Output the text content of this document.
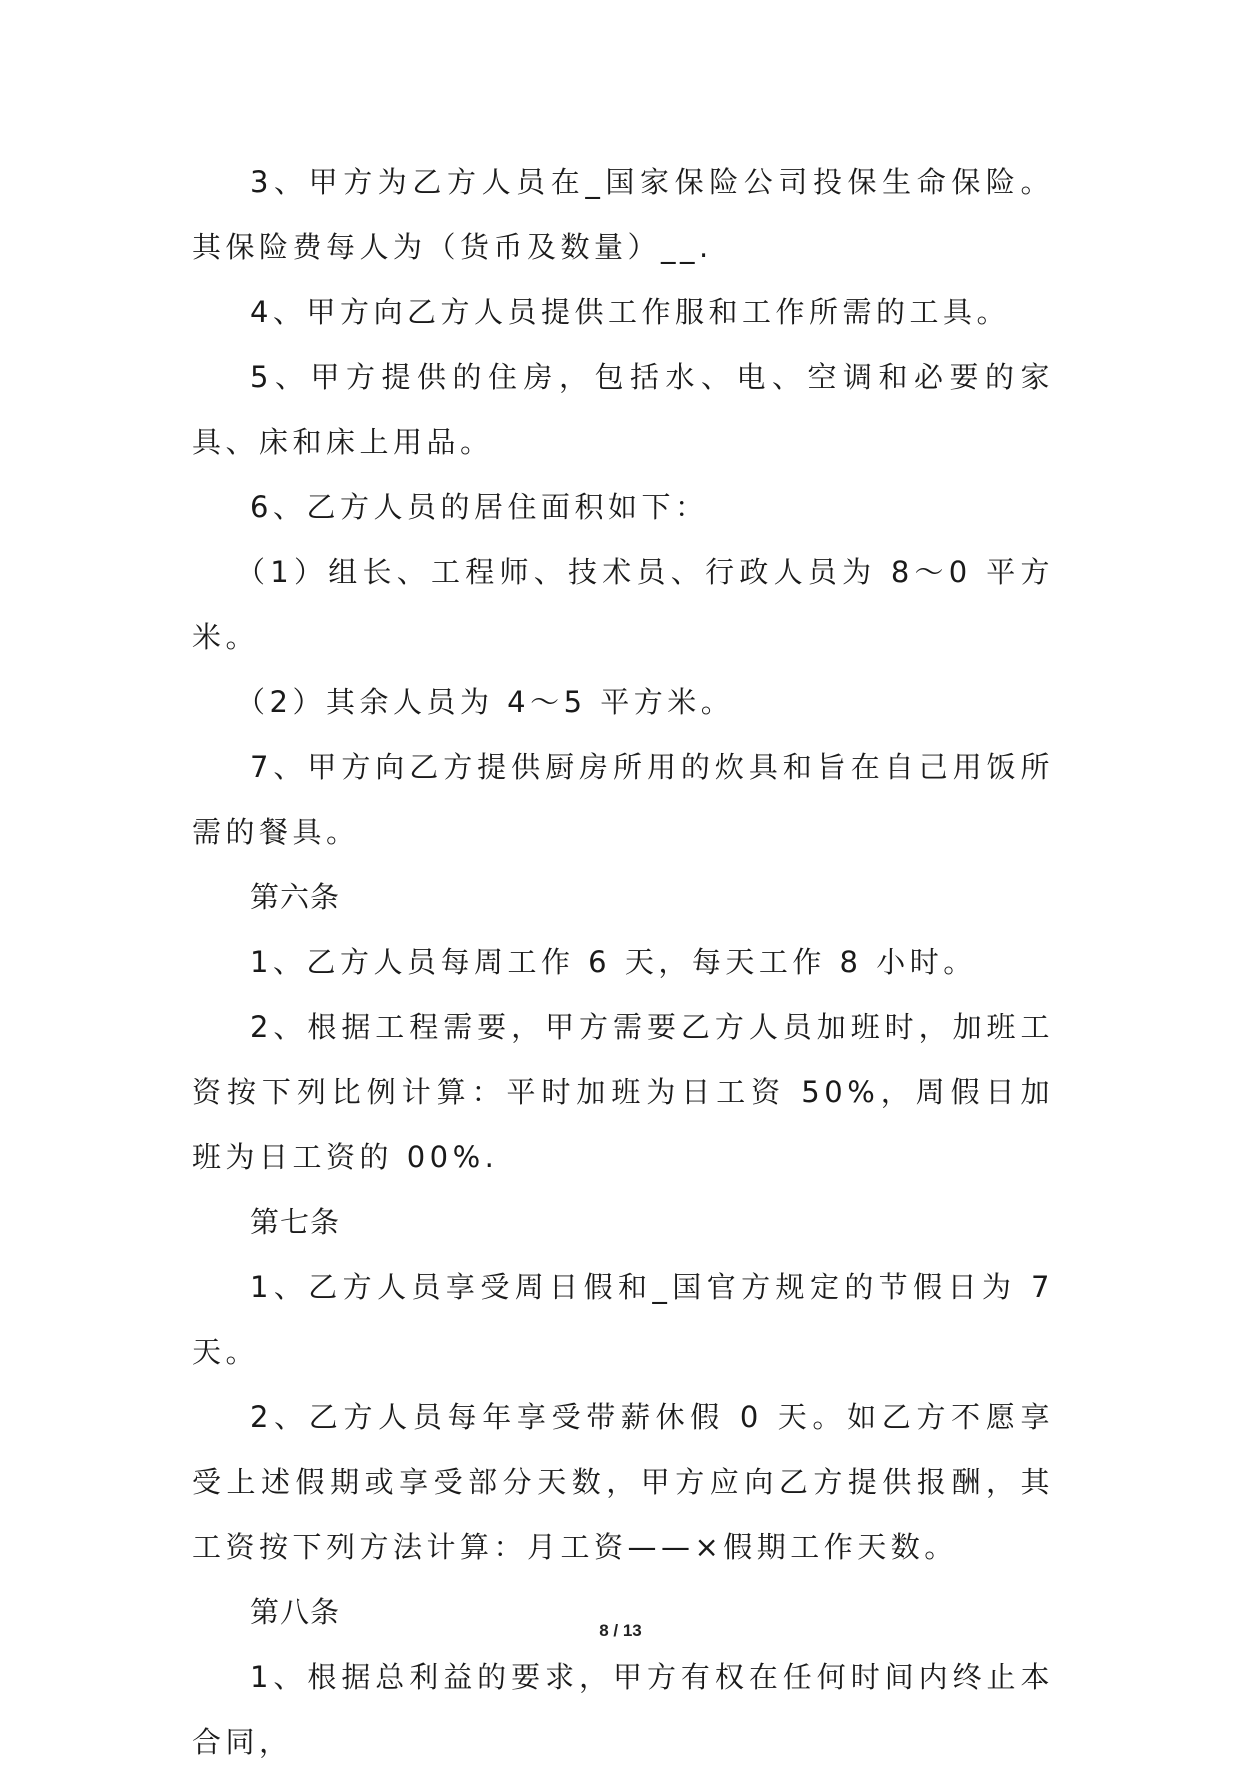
3、甲方为乙方人员在_国家保险公司投保生命保险。其保险费每人为（货币及数量）__.

4、甲方向乙方人员提供工作服和工作所需的工具。

5、甲方提供的住房，包括水、电、空调和必要的家具、床和床上用品。

6、乙方人员的居住面积如下：

（1）组长、工程师、技术员、行政人员为 8～0 平方米。

（2）其余人员为 4～5 平方米。

7、甲方向乙方提供厨房所用的炊具和旨在自己用饭所需的餐具。

第六条

1、乙方人员每周工作 6 天，每天工作 8 小时。

2、根据工程需要，甲方需要乙方人员加班时，加班工资按下列比例计算：平时加班为日工资 50%，周假日加班为日工资的 00%.

第七条

1、乙方人员享受周日假和_国官方规定的节假日为 7 天。

2、乙方人员每年享受带薪休假 0 天。如乙方不愿享受上述假期或享受部分天数，甲方应向乙方提供报酬，其工资按下列方法计算：月工资——×假期工作天数。

第八条

1、根据总利益的要求，甲方有权在任何时间内终止本合同，

8 / 13
